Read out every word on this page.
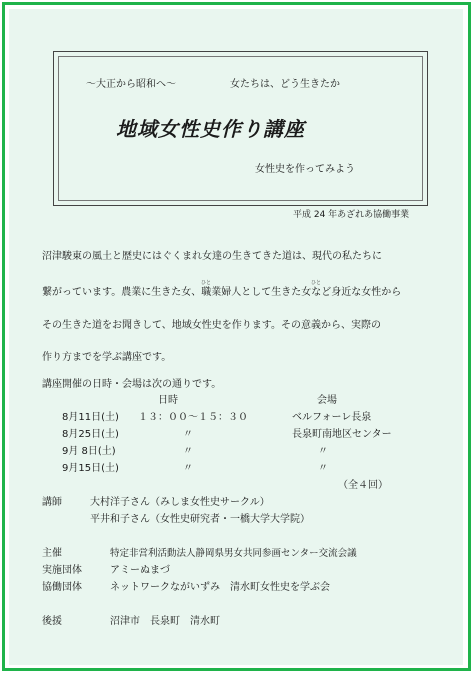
～大正から昭和へ～	女たちは、どう生きたか
地域女性史作り講座
女性史を作ってみよう
平成 24 年あざれあ協働事業
ひと	ひと
沼津駿東の風土と歴史にはぐくまれ女達の生きてきた道は、現代の私たちに
繋がっています。農業に生きた女、職業婦人として生きた女など身近な女性から
その生きた道をお聞きして、地域女性史を作ります。その意義から、実際の
作り方までを学ぶ講座です。
講座開催の日時・会場は次の通りです。
日時	会場
8月11日(土) １３：００～１５：３０	ベルフォーレ長泉
8月25日(土)	〃	長泉町南地区センター
9月 8日(土)	〃	〃
9月15日(土)	〃	〃
（全４回）
講師	大村洋子さん（みしま女性史サークル）
平井和子さん（女性史研究者・一橋大学大学院）
主催	特定非営利活動法人静岡県男女共同参画センター交流会議
実施団体	アミーぬまづ
協働団体	ネットワークながいずみ　清水町女性史を学ぶ会
後援	沼津市　長泉町　清水町
